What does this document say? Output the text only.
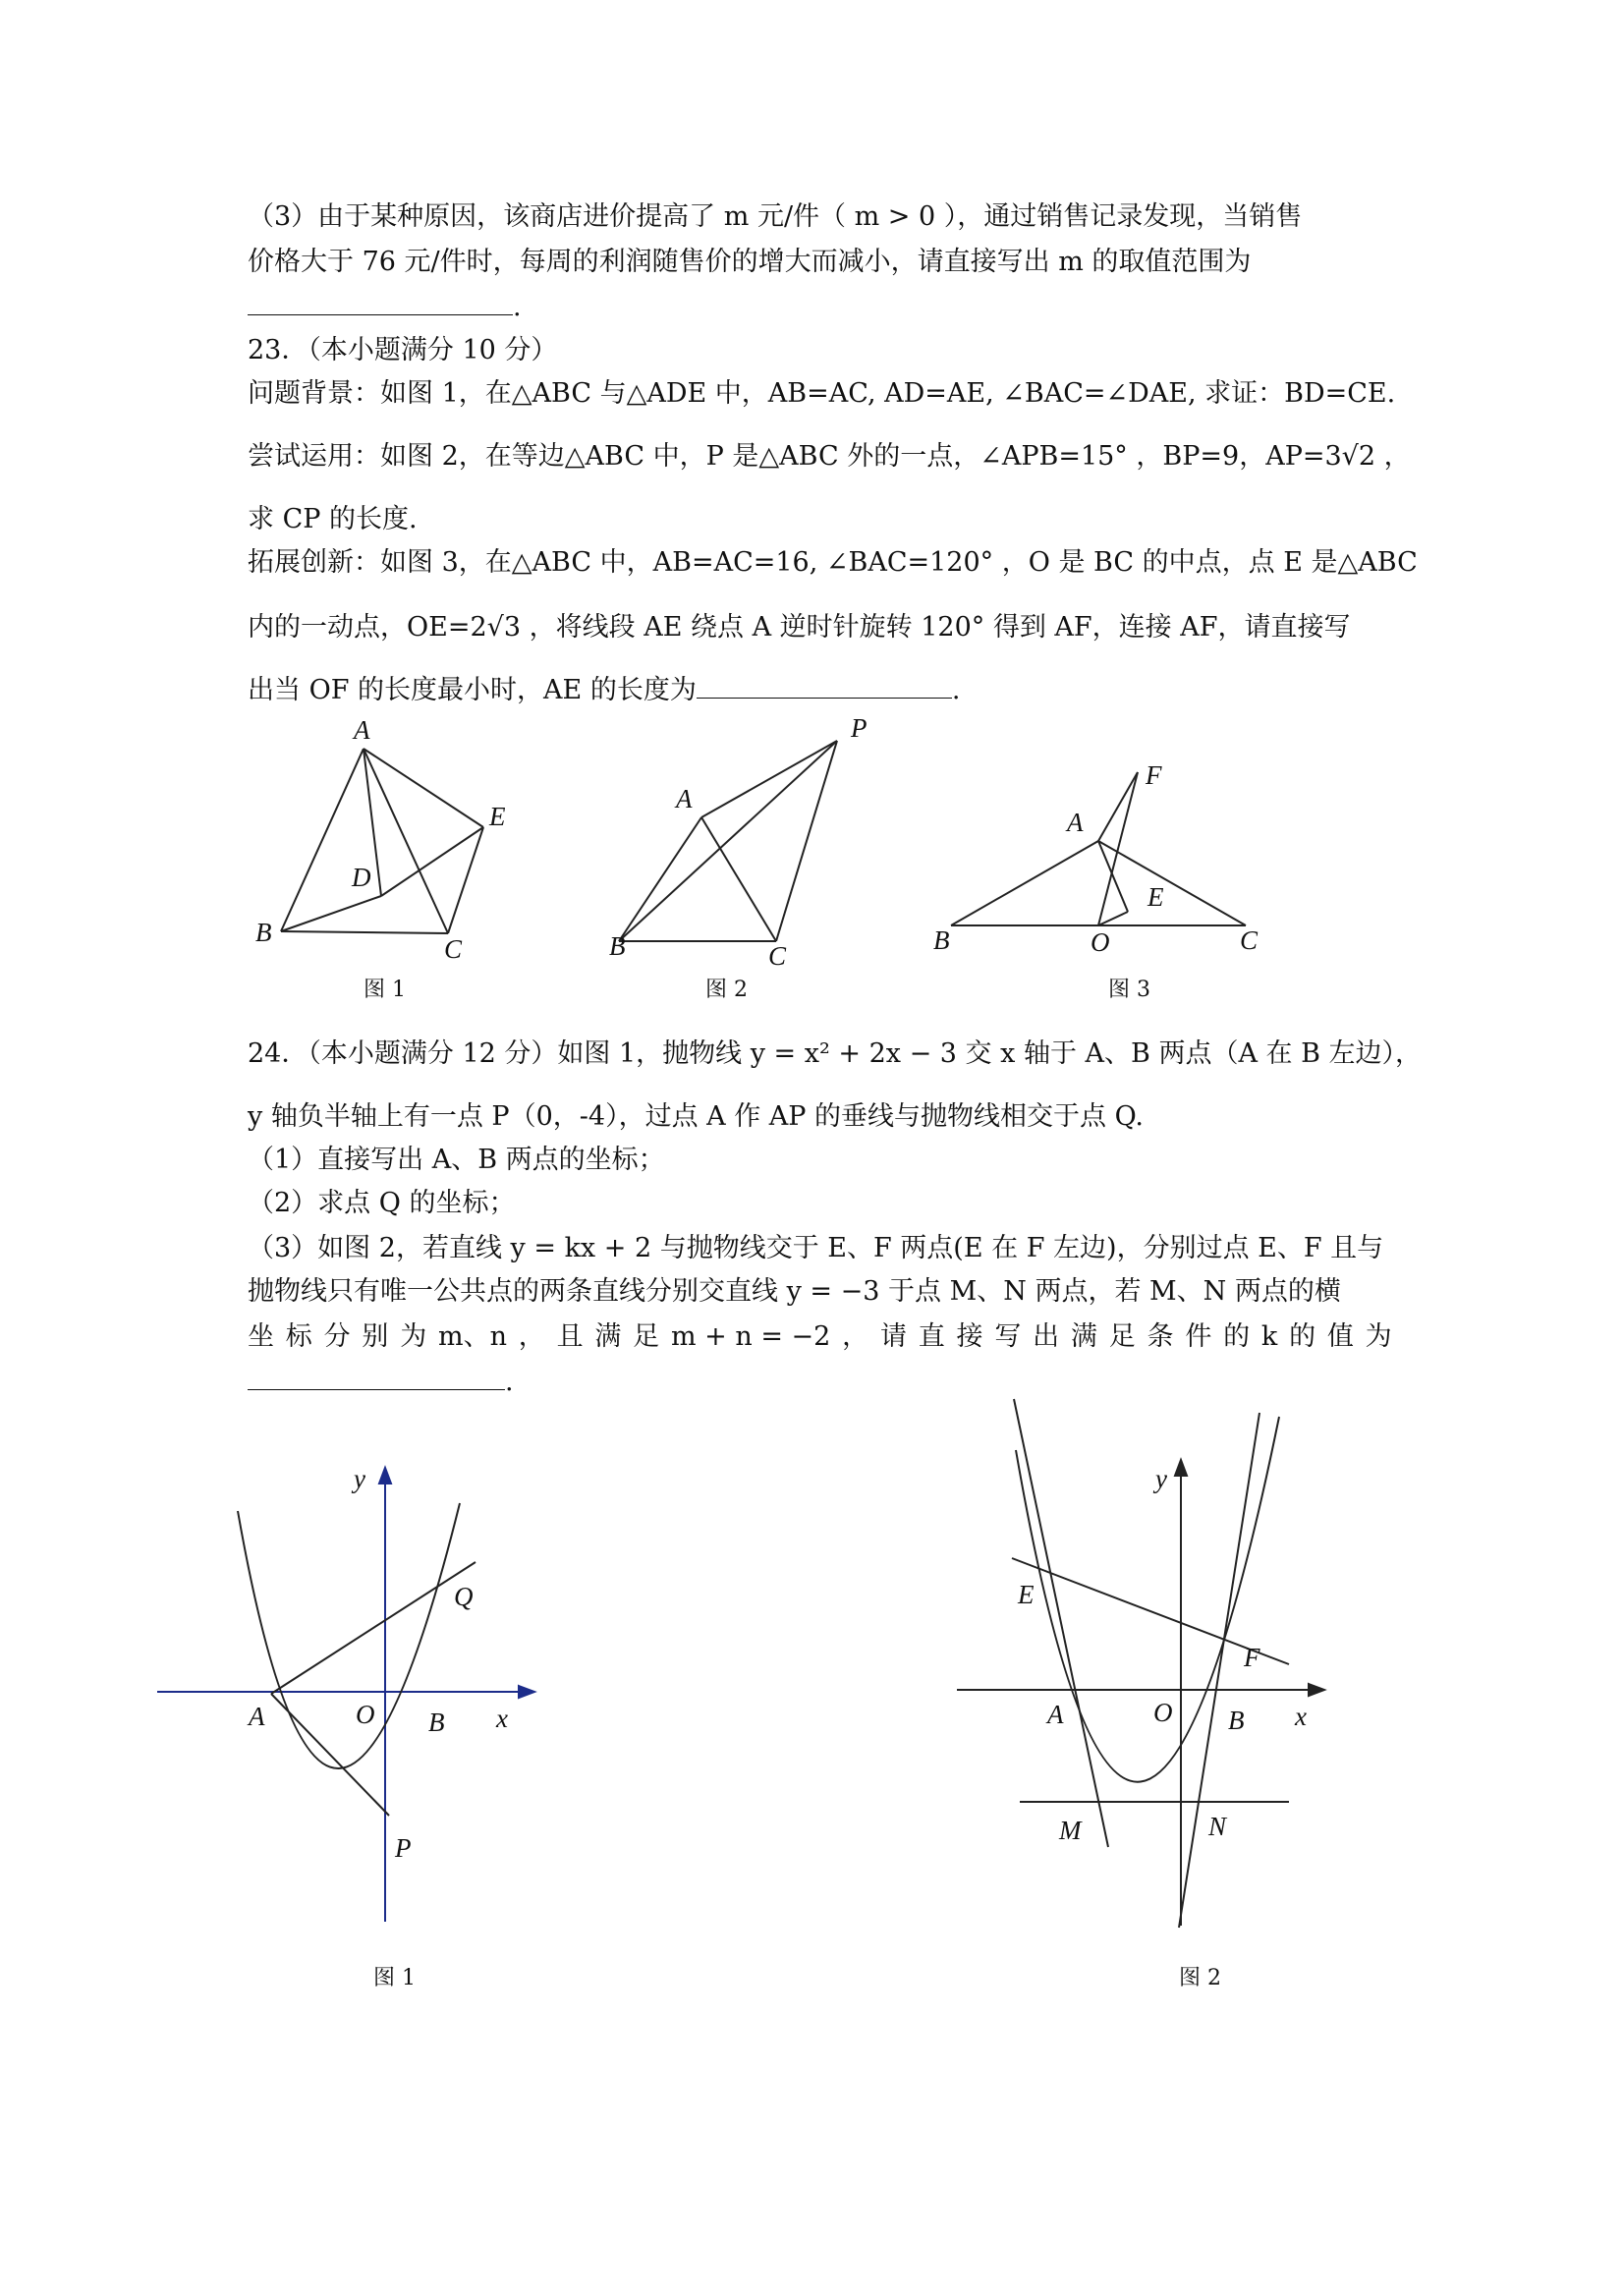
（3）由于某种原因，该商店进价提高了 m 元/件（ m > 0 ），通过销售记录发现，当销售
价格大于 76 元/件时，每周的利润随售价的增大而减小，请直接写出 m 的取值范围为
.
23．（本小题满分 10 分）
问题背景：如图 1，在△ABC 与△ADE 中，AB=AC, AD=AE, ∠BAC=∠DAE, 求证：BD=CE.
尝试运用：如图 2，在等边△ABC 中，P 是△ABC 外的一点，∠APB=15° ，BP=9，AP=3√2 ，
求 CP 的长度.
拓展创新：如图 3，在△ABC 中，AB=AC=16, ∠BAC=120° ，O 是 BC 的中点，点 E 是△ABC
内的一动点，OE=2√3 ，将线段 AE 绕点 A 逆时针旋转 120° 得到 AF，连接 AF，请直接写
出当 OF 的长度最小时，AE 的长度为	.
A
B
C
D
E
图 1
A
B	C
P
图 2
A
B	C
E
F
O
图 3
24．（本小题满分 12 分）如图 1，抛物线 y = x² + 2x − 3 交 x 轴于 A、B 两点（A 在 B 左边），
y 轴负半轴上有一点 P（0，-4），过点 A 作 AP 的垂线与抛物线相交于点 Q.
（1）直接写出 A、B 两点的坐标；
（2）求点 Q 的坐标；
（3）如图 2，若直线 y = kx + 2 与抛物线交于 E、F 两点(E 在 F 左边)，分别过点 E、F 且与
抛物线只有唯一公共点的两条直线分别交直线 y = −3 于点 M、N 两点，若 M、N 两点的横
坐 标 分 别 为 m、n ， 且 满 足 m + n = −2 ， 请 直 接 写 出 满 足 条 件 的 k 的 值 为
.
y
x
A	O B
P
Q
图 1
y
x
A	O B
E
F
M	N
图 2
